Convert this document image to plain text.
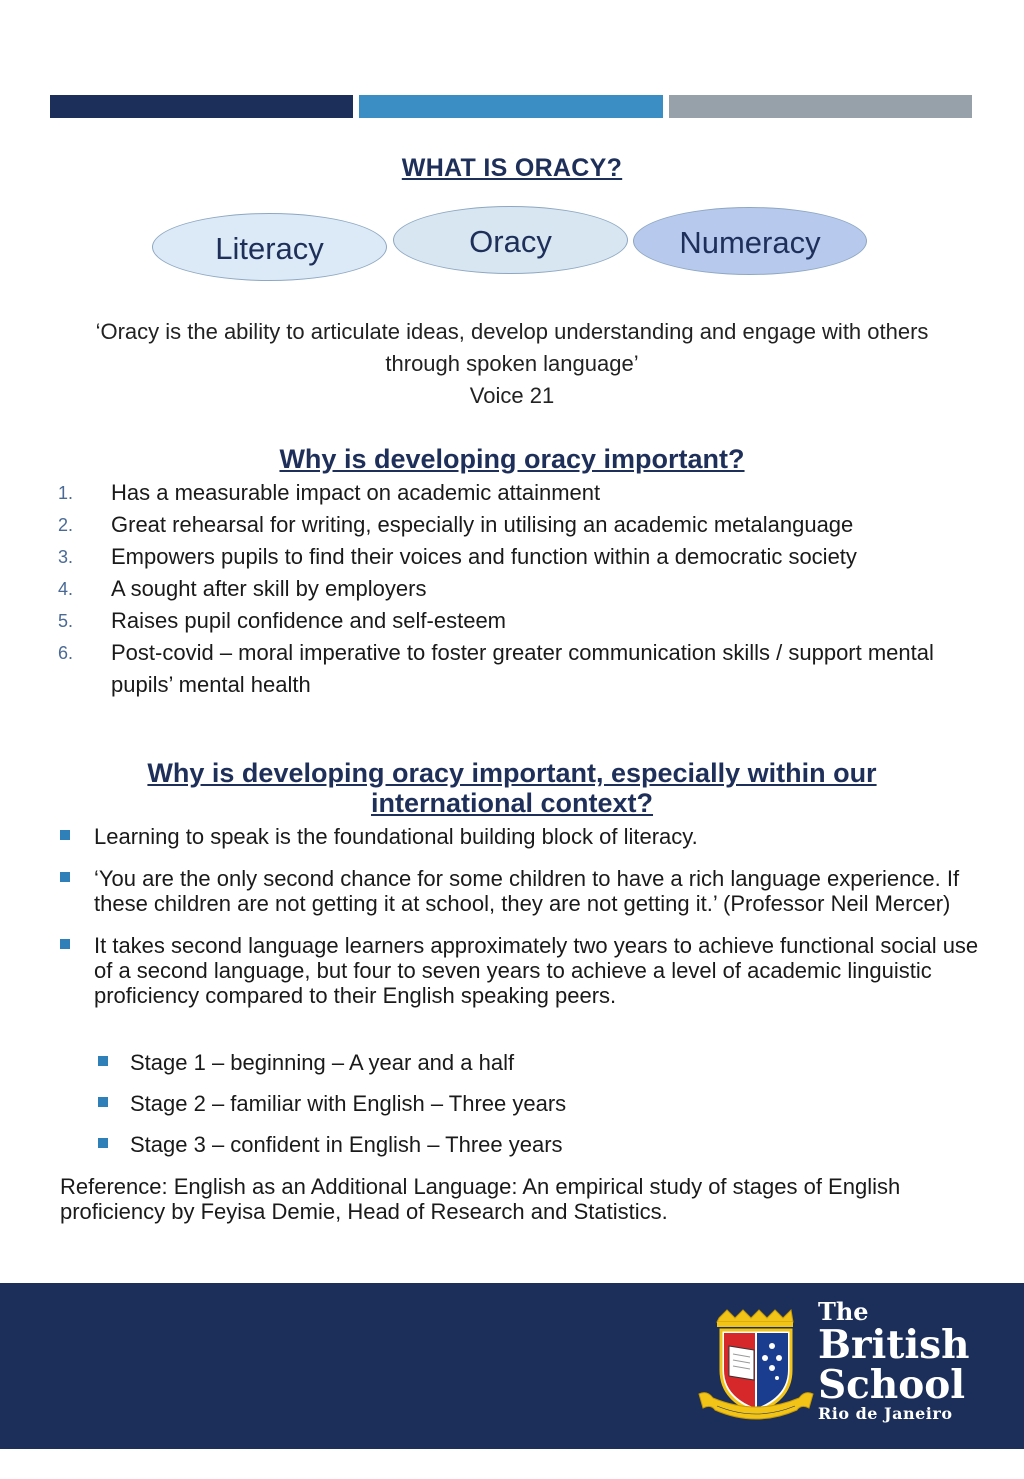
WHAT IS ORACY?
Literacy	Oracy	Numeracy
‘Oracy is the ability to articulate ideas, develop understanding and engage with others
through spoken language’
Voice 21
Why is developing oracy important?
1.	Has a measurable impact on academic attainment
2.	Great rehearsal for writing, especially in utilising an academic metalanguage
3.	Empowers pupils to find their voices and function within a democratic society
4.	A sought after skill by employers
5.	Raises pupil confidence and self-esteem
6.	Post-covid – moral imperative to foster greater communication skills / support mental pupils’ mental health
Why is developing oracy important, especially within our
international context?
Learning to speak is the foundational building block of literacy.
‘You are the only second chance for some children to have a rich language experience. If these children are not getting it at school, they are not getting it.’ (Professor Neil Mercer)
It takes second language learners approximately two years to achieve functional social use of a second language, but four to seven years to achieve a level of academic linguistic proficiency compared to their English speaking peers.
Stage 1 – beginning – A year and a half
Stage 2 – familiar with English – Three years
Stage 3 – confident in English – Three years
Reference: English as an Additional Language: An empirical study of stages of English proficiency by Feyisa Demie, Head of Research and Statistics.
The
British
School
Rio de Janeiro
